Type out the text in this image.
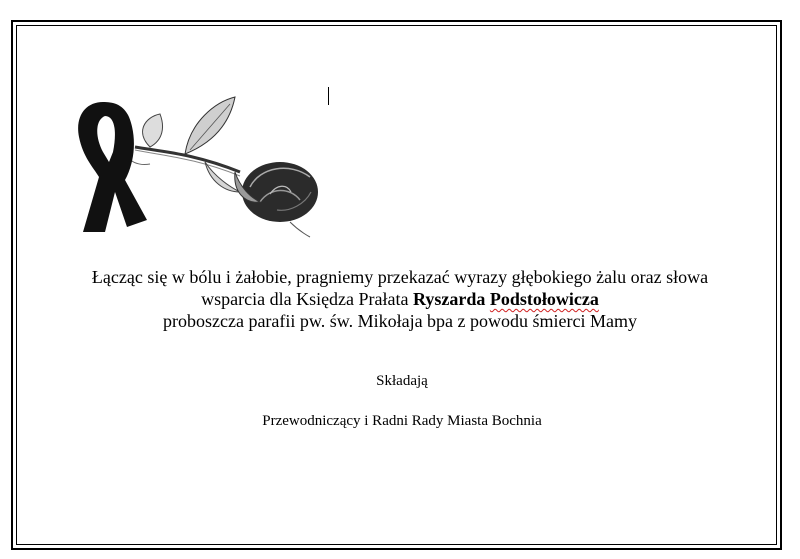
Łącząc się w bólu i żałobie, pragniemy przekazać wyrazy głębokiego żalu oraz słowa
wsparcia dla Księdza Prałata Ryszarda Podstołowicza
proboszcza parafii pw. św. Mikołaja bpa z powodu śmierci Mamy
Składają
Przewodniczący i Radni Rady Miasta Bochnia
